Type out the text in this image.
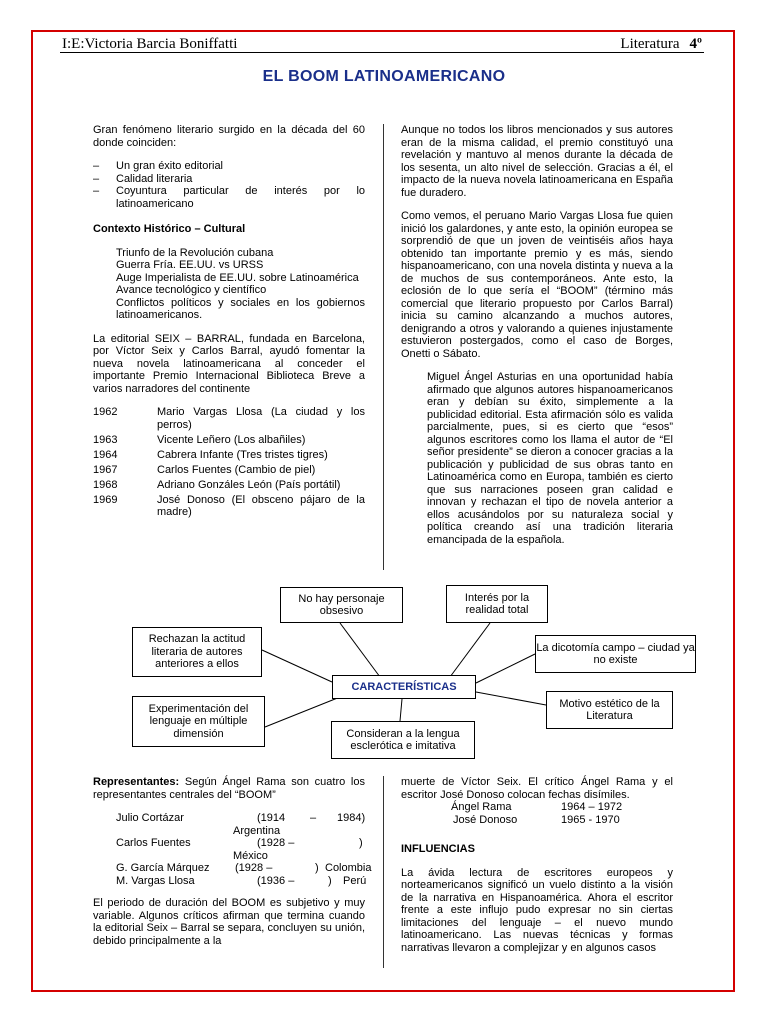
I:E:Victoria Barcia Boniffatti	Literatura 4º
EL BOOM LATINOAMERICANO

Gran fenómeno literario surgido en la década del 60 donde coinciden:

– Un gran éxito editorial
– Calidad literaria
– Coyuntura particular de interés por lo latinoamericano
Contexto Histórico – Cultural
Triunfo de la Revolución cubana
Guerra Fría. EE.UU. vs URSS
Auge Imperialista de EE.UU. sobre Latinoamérica
Avance tecnológico y científico
Conflictos políticos y sociales en los gobiernos latinoamericanos.

La editorial SEIX – BARRAL, fundada en Barcelona, por Víctor Seix y Carlos Barral, ayudó fomentar la nueva novela latinoamericana al conceder el importante Premio Internacional Biblioteca Breve a varios narradores del continente

1962	Mario Vargas Llosa (La ciudad y los perros)
1963	Vicente Leñero (Los albañiles)
1964	Cabrera Infante (Tres tristes tigres)
1967	Carlos Fuentes (Cambio de piel)
1968	Adriano Gonzáles León (País portátil)
1969	José Donoso (El obsceno pájaro de la madre)

Aunque no todos los libros mencionados y sus autores eran de la misma calidad, el premio constituyó una revelación y mantuvo al menos durante la década de los sesenta, un alto nivel de selección. Gracias a él, el impacto de la nueva novela latinoamericana en España fue duradero.

Como vemos, el peruano Mario Vargas Llosa fue quien inició los galardones, y ante esto, la opinión europea se sorprendió de que un joven de veintiséis años haya obtenido tan importante premio y es más, siendo hispanoamericano, con una novela distinta y nueva a la de muchos de sus contemporáneos. Ante esto, la eclosión de lo que sería el “BOOM” (término más comercial que literario propuesto por Carlos Barral) inicia su camino alcanzando a muchos autores, denigrando a otros y valorando a quienes injustamente estuvieron postergados, como el caso de Borges, Onetti o Sábato.

Miguel Ángel Asturias en una oportunidad había afirmado que algunos autores hispanoamericanos eran y debían su éxito, simplemente a la publicidad editorial. Esta afirmación sólo es valida parcialmente, pues, si es cierto que “esos” algunos escritores como los llama el autor de “El señor presidente” se dieron a conocer gracias a la publicación y publicidad de sus obras tanto en Latinoamérica como en Europa, también es cierto que sus narraciones poseen gran calidad e innovan y rechazan el tipo de novela anterior a ellos acusándolos por su naturaleza social y política creando así una tradición literaria emancipada de la española.
No hay personaje obsesivo
Interés por la realidad total
Rechazan la actitud literaria de autores anteriores a ellos
La dicotomía campo – ciudad ya no existe
CARACTERÍSTICAS
Experimentación del lenguaje en múltiple dimensión
Motivo estético de la Literatura
Consideran a la lengua esclerótica e imitativa

Representantes: Según Ángel Rama son cuatro los representantes centrales del “BOOM”

Julio Cortázar	(1914 – 1984)
Argentina
Carlos Fuentes	(1928 –	)
México
G. García Márquez (1928 –	) Colombia
M. Vargas Llosa	(1936 –	) Perú

El periodo de duración del BOOM es subjetivo y muy variable. Algunos críticos afirman que termina cuando la editorial Seix – Barral se separa, concluyen su unión, debido principalmente a la

muerte de Víctor Seix. El crítico Ángel Rama y el escritor José Donoso colocan fechas disímiles.

Ángel Rama	1964 – 1972
José Donoso	1965 - 1970
INFLUENCIAS

La ávida lectura de escritores europeos y norteamericanos significó un vuelo distinto a la visión de la narrativa en Hispanoamérica. Ahora el escritor frente a este influjo pudo expresar no sin ciertas limitaciones del lenguaje – el nuevo mundo latinoamericano. Las nuevas técnicas y formas narrativas llevaron a complejizar y en algunos casos
